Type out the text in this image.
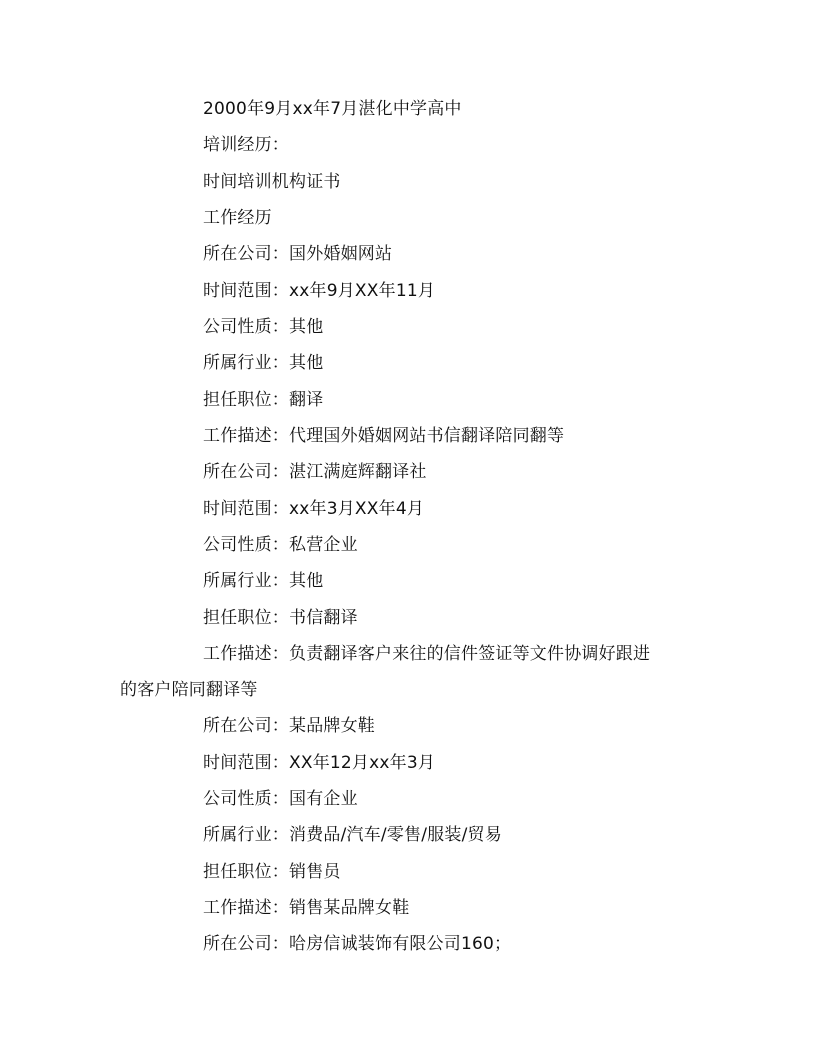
2000年9月xx年7月湛化中学高中
培训经历：
时间培训机构证书
工作经历
所在公司：国外婚姻网站
时间范围：xx年9月XX年11月
公司性质：其他
所属行业：其他
担任职位：翻译
工作描述：代理国外婚姻网站书信翻译陪同翻等
所在公司：湛江满庭辉翻译社
时间范围：xx年3月XX年4月
公司性质：私营企业
所属行业：其他
担任职位：书信翻译
工作描述：负责翻译客户来往的信件签证等文件协调好跟进
的客户陪同翻译等
所在公司：某品牌女鞋
时间范围：XX年12月xx年3月
公司性质：国有企业
所属行业：消费品/汽车/零售/服装/贸易
担任职位：销售员
工作描述：销售某品牌女鞋
所在公司：哈房信诚装饰有限公司160；
